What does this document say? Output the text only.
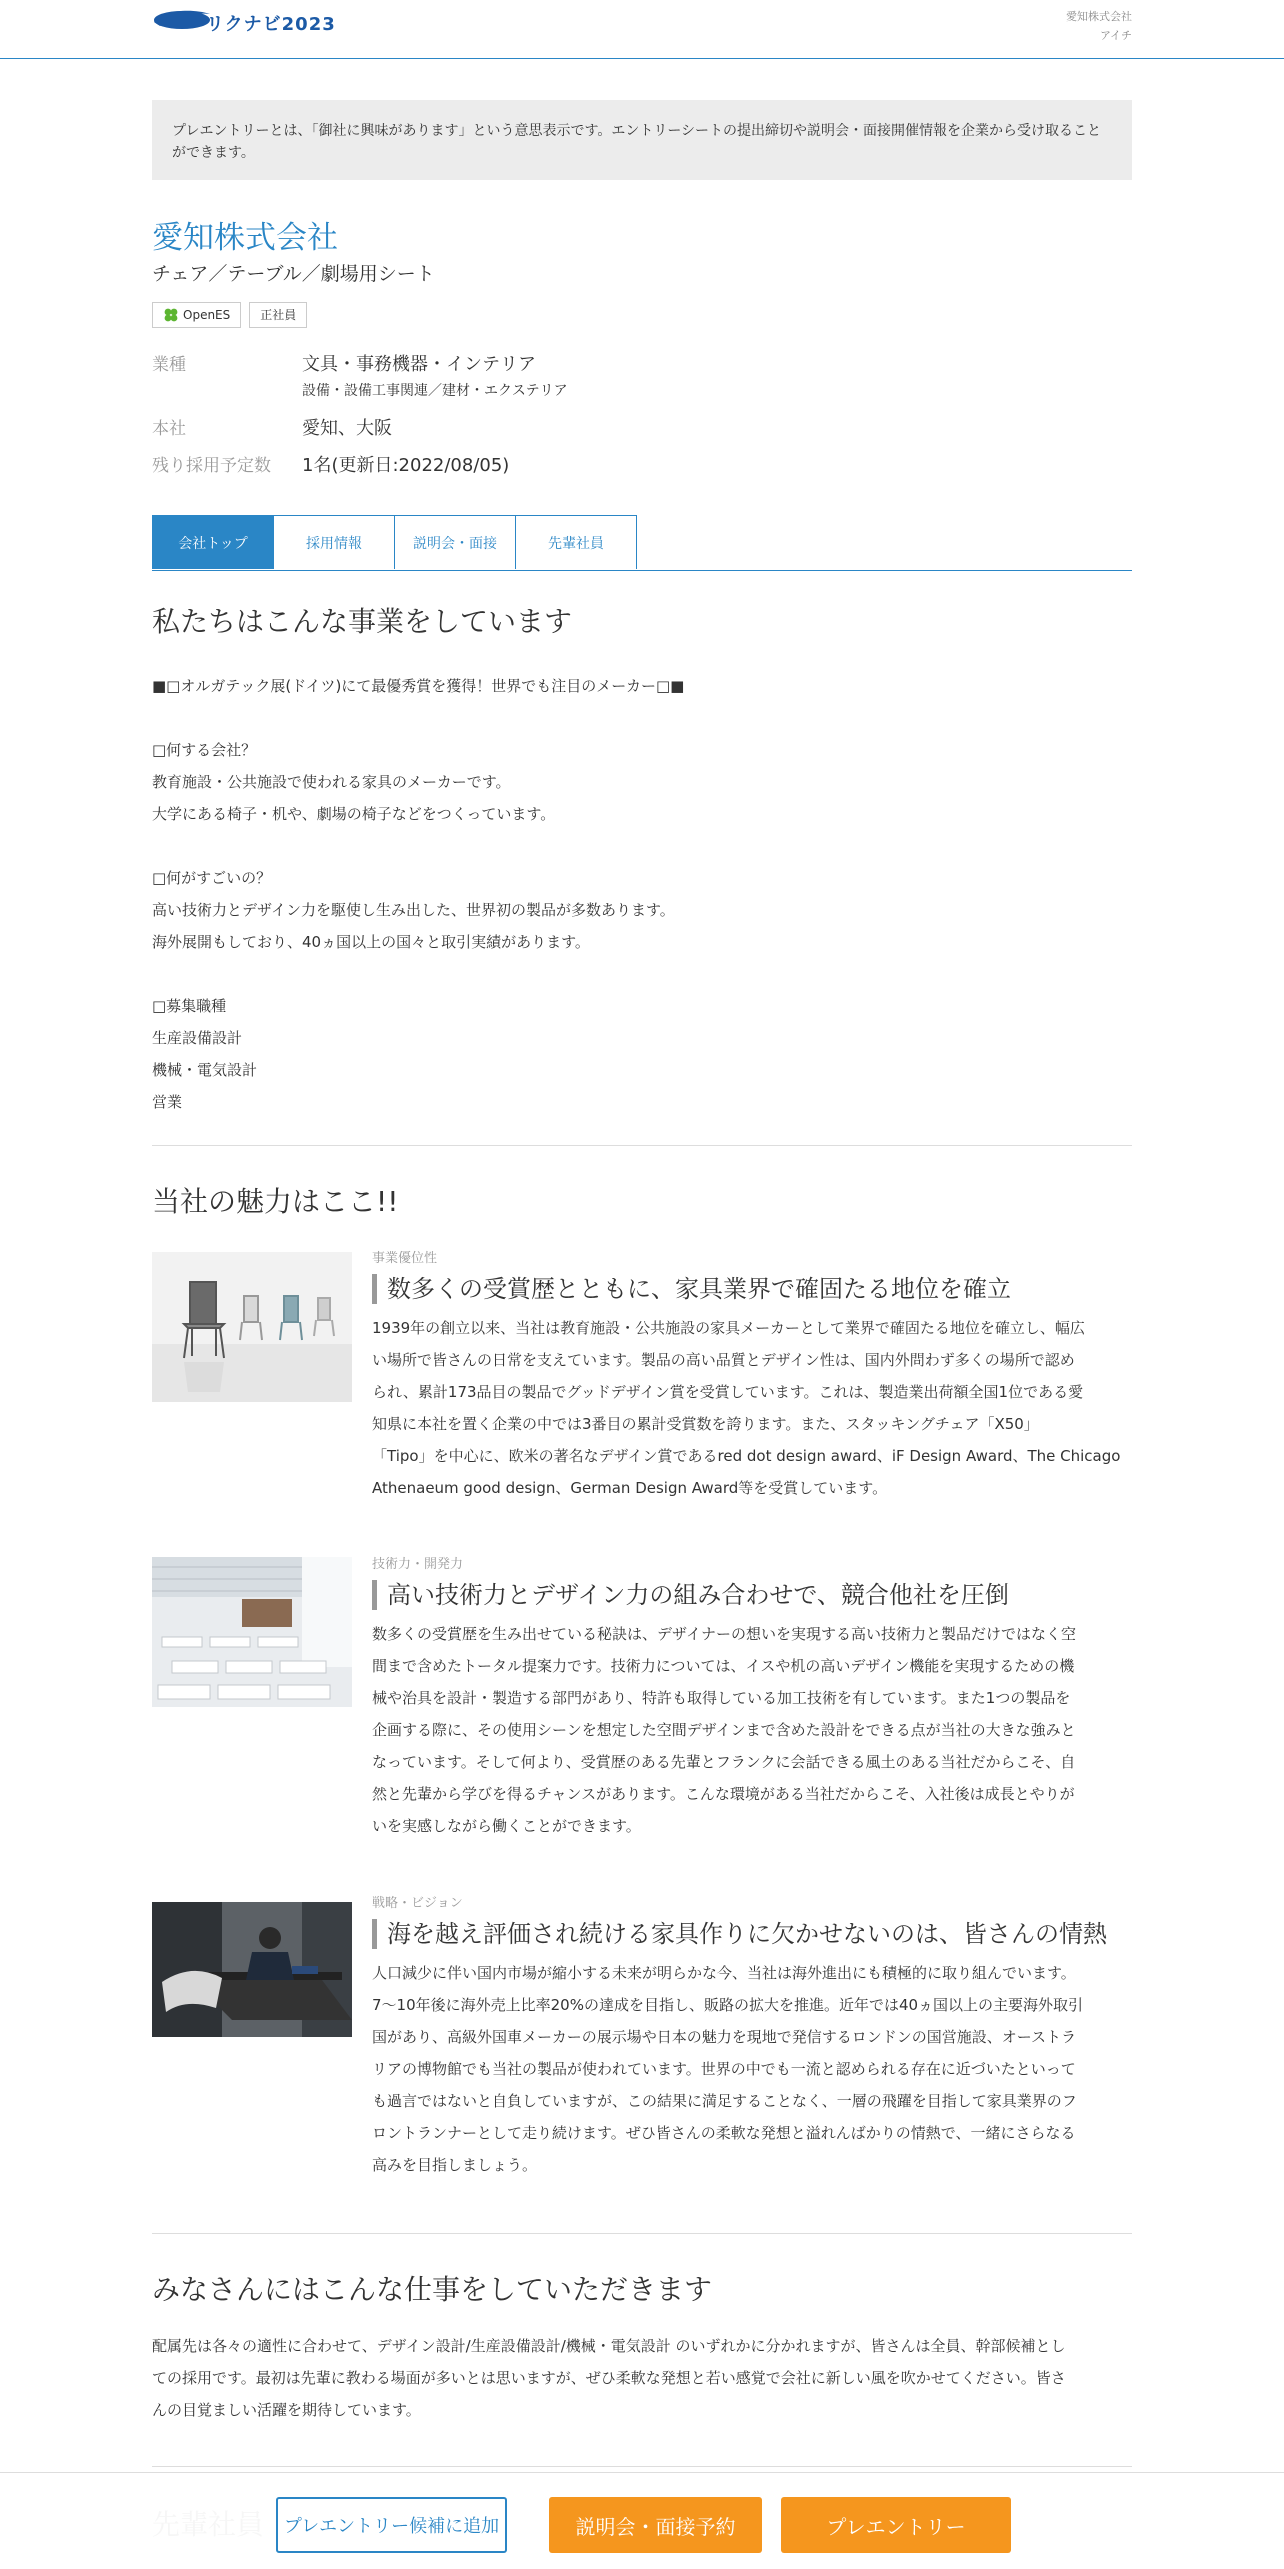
リクナビ2023	愛知株式会社
アイチ
プレエントリーとは、「御社に興味があります」という意思表示です。エントリーシートの提出締切や説明会・面接開催情報を企業から受け取ることができます。
愛知株式会社
チェア／テーブル／劇場用シート
OpenES	正社員
業種	文具・事務機器・インテリア
設備・設備工事関連／建材・エクステリア
本社	愛知、大阪
残り採用予定数	1名(更新日:2022/08/05)
会社トップ	採用情報	説明会・面接	先輩社員
私たちはこんな事業をしています
■□オルガテック展(ドイツ)にて最優秀賞を獲得！世界でも注目のメーカー□■

□何する会社？
教育施設・公共施設で使われる家具のメーカーです。
大学にある椅子・机や、劇場の椅子などをつくっています。

□何がすごいの？
高い技術力とデザイン力を駆使し生み出した、世界初の製品が多数あります。
海外展開もしており、40ヵ国以上の国々と取引実績があります。

□募集職種
生産設備設計
機械・電気設計
営業
当社の魅力はここ!!
事業優位性
数多くの受賞歴とともに、家具業界で確固たる地位を確立
1939年の創立以来、当社は教育施設・公共施設の家具メーカーとして業界で確固たる地位を確立し、幅広
い場所で皆さんの日常を支えています。製品の高い品質とデザイン性は、国内外問わず多くの場所で認め
られ、累計173品目の製品でグッドデザイン賞を受賞しています。これは、製造業出荷額全国1位である愛
知県に本社を置く企業の中では3番目の累計受賞数を誇ります。また、スタッキングチェア「X50」
「Tipo」を中心に、欧米の著名なデザイン賞であるred dot design award、iF Design Award、The Chicago
Athenaeum good design、German Design Award等を受賞しています。
技術力・開発力
高い技術力とデザイン力の組み合わせで、競合他社を圧倒
数多くの受賞歴を生み出せている秘訣は、デザイナーの想いを実現する高い技術力と製品だけではなく空
間まで含めたトータル提案力です。技術力については、イスや机の高いデザイン機能を実現するための機
械や治具を設計・製造する部門があり、特許も取得している加工技術を有しています。また1つの製品を
企画する際に、その使用シーンを想定した空間デザインまで含めた設計をできる点が当社の大きな強みと
なっています。そして何より、受賞歴のある先輩とフランクに会話できる風土のある当社だからこそ、自
然と先輩から学びを得るチャンスがあります。こんな環境がある当社だからこそ、入社後は成長とやりが
いを実感しながら働くことができます。
戦略・ビジョン
海を越え評価され続ける家具作りに欠かせないのは、皆さんの情熱
人口減少に伴い国内市場が縮小する未来が明らかな今、当社は海外進出にも積極的に取り組んでいます。
7～10年後に海外売上比率20%の達成を目指し、販路の拡大を推進。近年では40ヵ国以上の主要海外取引
国があり、高級外国車メーカーの展示場や日本の魅力を現地で発信するロンドンの国営施設、オーストラ
リアの博物館でも当社の製品が使われています。世界の中でも一流と認められる存在に近づいたといって
も過言ではないと自負していますが、この結果に満足することなく、一層の飛躍を目指して家具業界のフ
ロントランナーとして走り続けます。ぜひ皆さんの柔軟な発想と溢れんばかりの情熱で、一緒にさらなる
高みを目指しましょう。
みなさんにはこんな仕事をしていただきます
配属先は各々の適性に合わせて、デザイン設計/生産設備設計/機械・電気設計 のいずれかに分かれますが、皆さんは全員、幹部候補とし
ての採用です。最初は先輩に教わる場面が多いとは思いますが、ぜひ柔軟な発想と若い感覚で会社に新しい風を吹かせてください。皆さ
んの目覚ましい活躍を期待しています。
プレエントリー候補に追加	説明会・面接予約	プレエントリー
